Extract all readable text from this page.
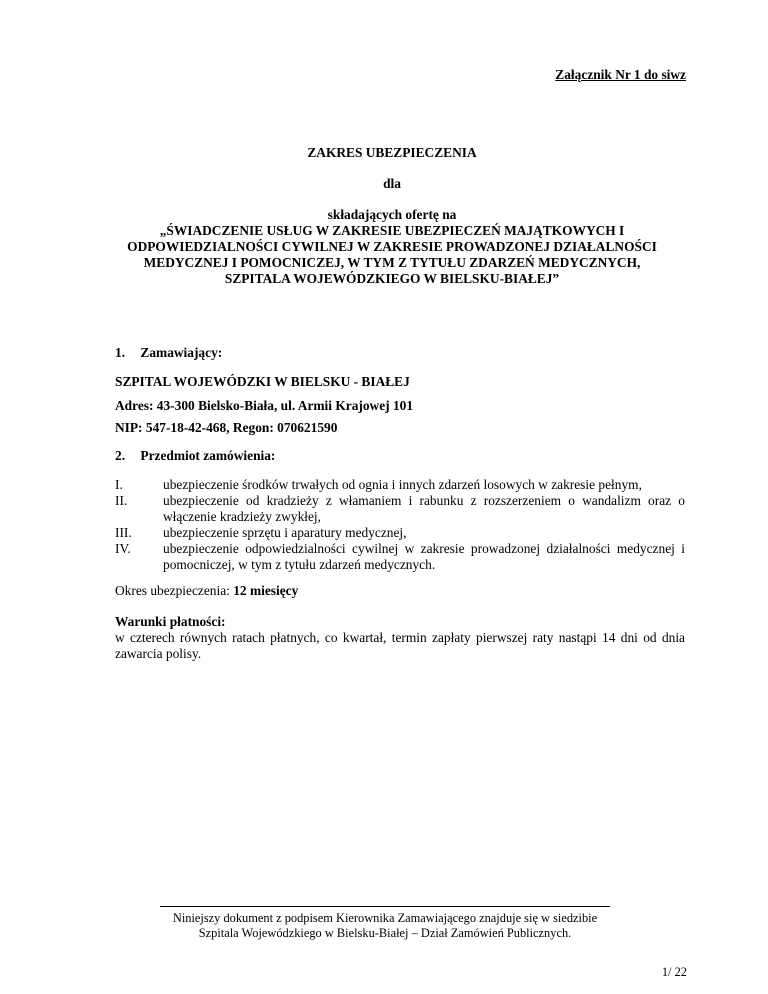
Załącznik Nr 1 do siwz
ZAKRES UBEZPIECZENIA
dla
składających ofertę na
„ŚWIADCZENIE USŁUG W ZAKRESIE UBEZPIECZEŃ MAJĄTKOWYCH I
ODPOWIEDZIALNOŚCI CYWILNEJ W ZAKRESIE PROWADZONEJ DZIAŁALNOŚCI
MEDYCZNEJ I POMOCNICZEJ, W TYM Z TYTUŁU ZDARZEŃ MEDYCZNYCH,
SZPITALA WOJEWÓDZKIEGO W BIELSKU-BIAŁEJ”
1. Zamawiający:
SZPITAL WOJEWÓDZKI W BIELSKU - BIAŁEJ
Adres: 43-300 Bielsko-Biała, ul. Armii Krajowej 101
NIP: 547-18-42-468, Regon: 070621590
2. Przedmiot zamówienia:
I.	ubezpieczenie środków trwałych od ognia i innych zdarzeń losowych w zakresie pełnym,
II.	ubezpieczenie od kradzieży z włamaniem i rabunku z rozszerzeniem o wandalizm oraz o włączenie kradzieży zwykłej,
III.	ubezpieczenie sprzętu i aparatury medycznej,
IV.	ubezpieczenie odpowiedzialności cywilnej w zakresie prowadzonej działalności medycznej i pomocniczej, w tym z tytułu zdarzeń medycznych.
Okres ubezpieczenia: 12 miesięcy
Warunki płatności:
w czterech równych ratach płatnych, co kwartał, termin zapłaty pierwszej raty nastąpi 14 dni od dnia zawarcia polisy.
Niniejszy dokument z podpisem Kierownika Zamawiającego znajduje się w siedzibie
Szpitala Wojewódzkiego w Bielsku-Białej – Dział Zamówień Publicznych.
1/ 22
